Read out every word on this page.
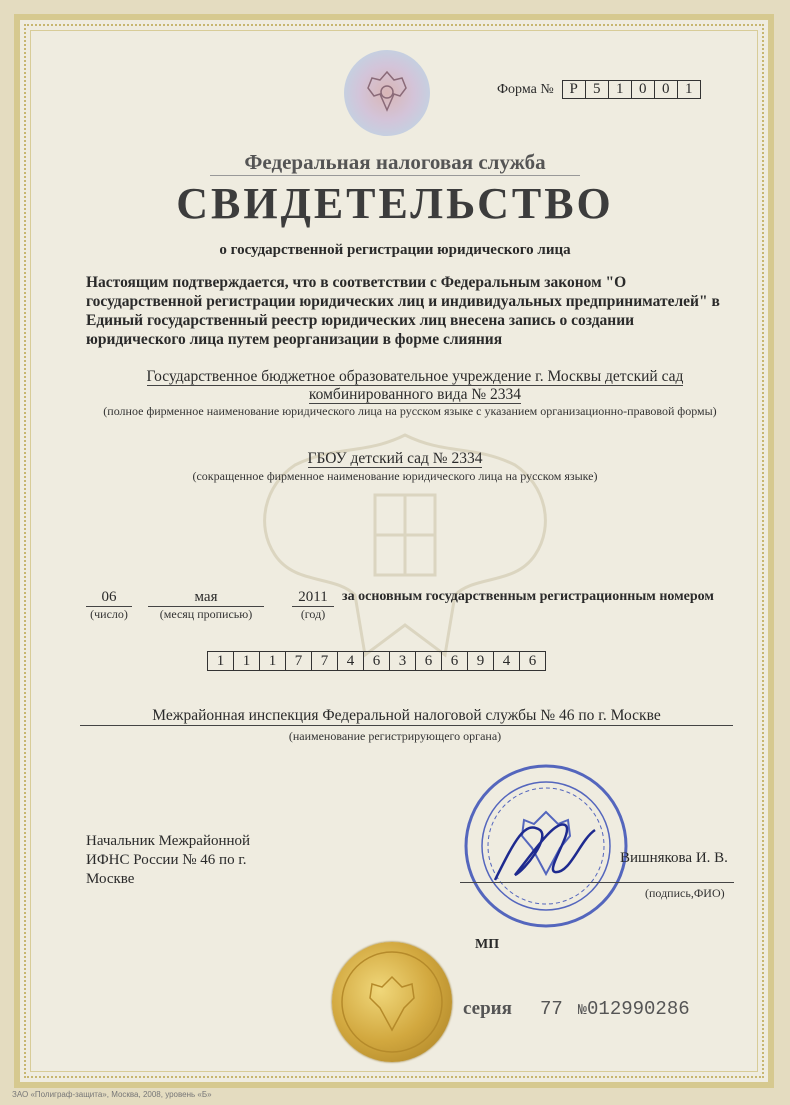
Форма №	Р	5	1	0	0	1
Федеральная налоговая служба
СВИДЕТЕЛЬСТВО
о государственной регистрации юридического лица
Настоящим подтверждается, что в соответствии с Федеральным законом "О государственной регистрации юридических лиц и индивидуальных предпринимателей" в Единый государственный реестр юридических лиц внесена запись о создании юридического лица путем реорганизации в форме слияния
Государственное бюджетное образовательное учреждение г. Москвы детский сад комбинированного вида № 2334
(полное фирменное наименование юридического лица на русском языке с указанием организационно-правовой формы)
ГБОУ детский сад № 2334
(сокращенное фирменное наименование юридического лица на русском языке)
06
(число)
мая
(месяц прописью)
2011
(год)
за основным государственным регистрационным номером
1	1	1	7	7	4	6	3	6	6	9	4	6
Межрайонная инспекция Федеральной налоговой службы № 46 по г. Москве
(наименование регистрирующего органа)
Начальник Межрайонной
ИФНС России № 46 по г.
Москве
Вишнякова И. В.
(подпись,ФИО)
МП
серия 77 №012990286
ЗАО «Полиграф-защита», Москва, 2008, уровень «Б»
